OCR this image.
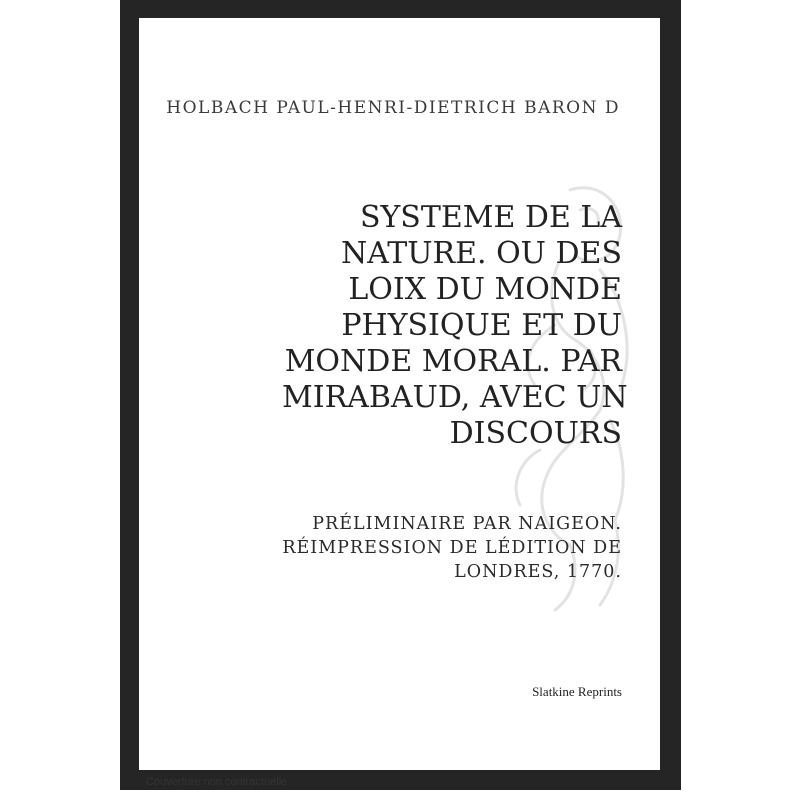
HOLBACH PAUL-HENRI-DIETRICH BARON D
SYSTEME DE LA
NATURE. OU DES
LOIX DU MONDE
PHYSIQUE ET DU
MONDE MORAL. PAR
MIRABAUD, AVEC UN
DISCOURS
PRÉLIMINAIRE PAR NAIGEON.
RÉIMPRESSION DE LÉDITION DE
LONDRES, 1770.
Slatkine Reprints
Couverture non contractuelle
